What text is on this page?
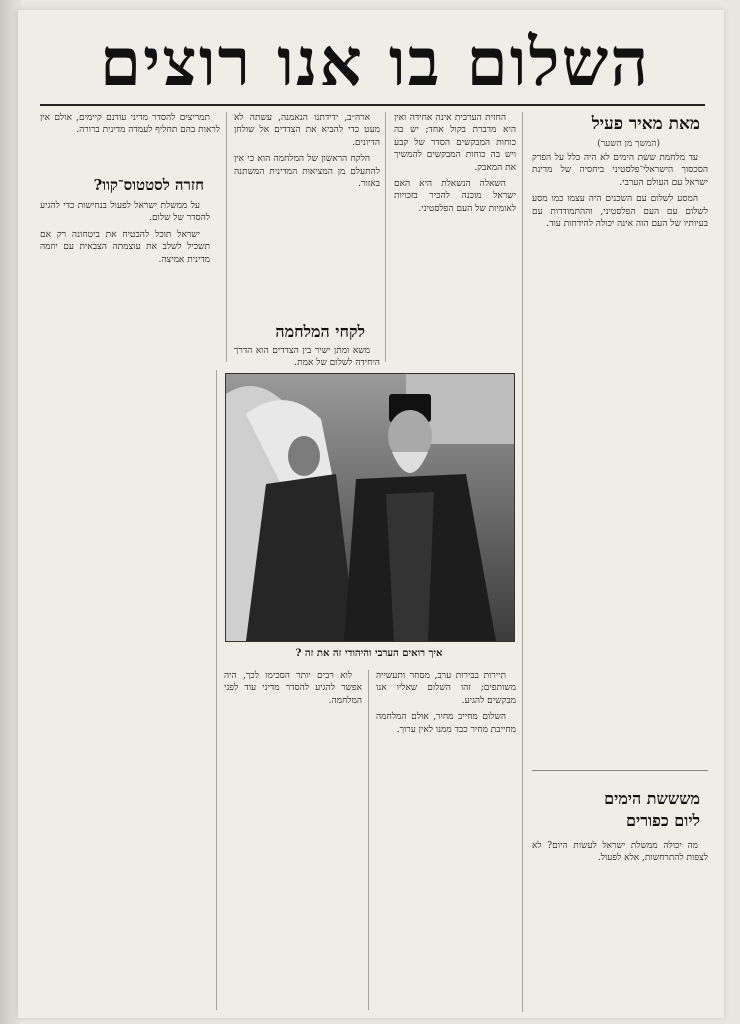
השלום בו אנו רוצים
מאת מאיר פעיל
(המשך מן השער)

עד מלחמת ששת הימים לא היה כלל על הפרק הסכסוך הישראלי־פלסטיני ביחסיה של מדינת ישראל עם העולם הערבי.

המסע לשלום עם השכנים היה עצמו כמו מסע לשלום עם העם הפלסטיני, וההתמודדות עם בעיותיו של העם הזה אינה יכולה להידחות עוד.

משששת הימים
ליום כפורים

מה יכולה ממשלת ישראל לעשות היום? לא לצפות להתרחשות, אלא לפעול.

החזית הערבית אינה אחידה ואין היא מדברת בקול אחד; יש בה כוחות המבקשים הסדר של קבע ויש בה כוחות המבקשים להמשיך את המאבק.

השאלה הנשאלת היא האם ישראל מוכנה להכיר בזכויות לאומיות של העם הפלסטיני.

ארה״ב, ידידתנו הנאמנה, עשתה לא מעט כדי להביא את הצדדים אל שולחן הדיונים.

הלקח הראשון של המלחמה הוא כי אין להתעלם מן המציאות המדינית המשתנה באזור.

לקחי המלחמה

משא ומתן ישיר בין הצדדים הוא הדרך היחידה לשלום של אמת.

תמריצים להסדר מדיני עודנם קיימים, אולם אין לראות בהם תחליף לעמדה מדינית ברורה.

חזרה לסטטוס־קוו?

על ממשלת ישראל לפעול בנחישות כדי להגיע להסדר של שלום.

ישראל תוכל להבטיח את ביטחונה רק אם תשכיל לשלב את עוצמתה הצבאית עם יוזמה מדינית אמיצה.

איך רואים הערבי והיהודי זה את זה ?

תיירות בבירות ערב, מסחר ותעשייה משותפים; זהו השלום שאליו אנו מבקשים להגיע.

השלום מחייב מחיר, אולם המלחמה מחייבת מחיר כבד ממנו לאין ערוך.

לוא רבים יותר הסכימו לכך, היה אפשר להגיע להסדר מדיני עוד לפני המלחמה.
